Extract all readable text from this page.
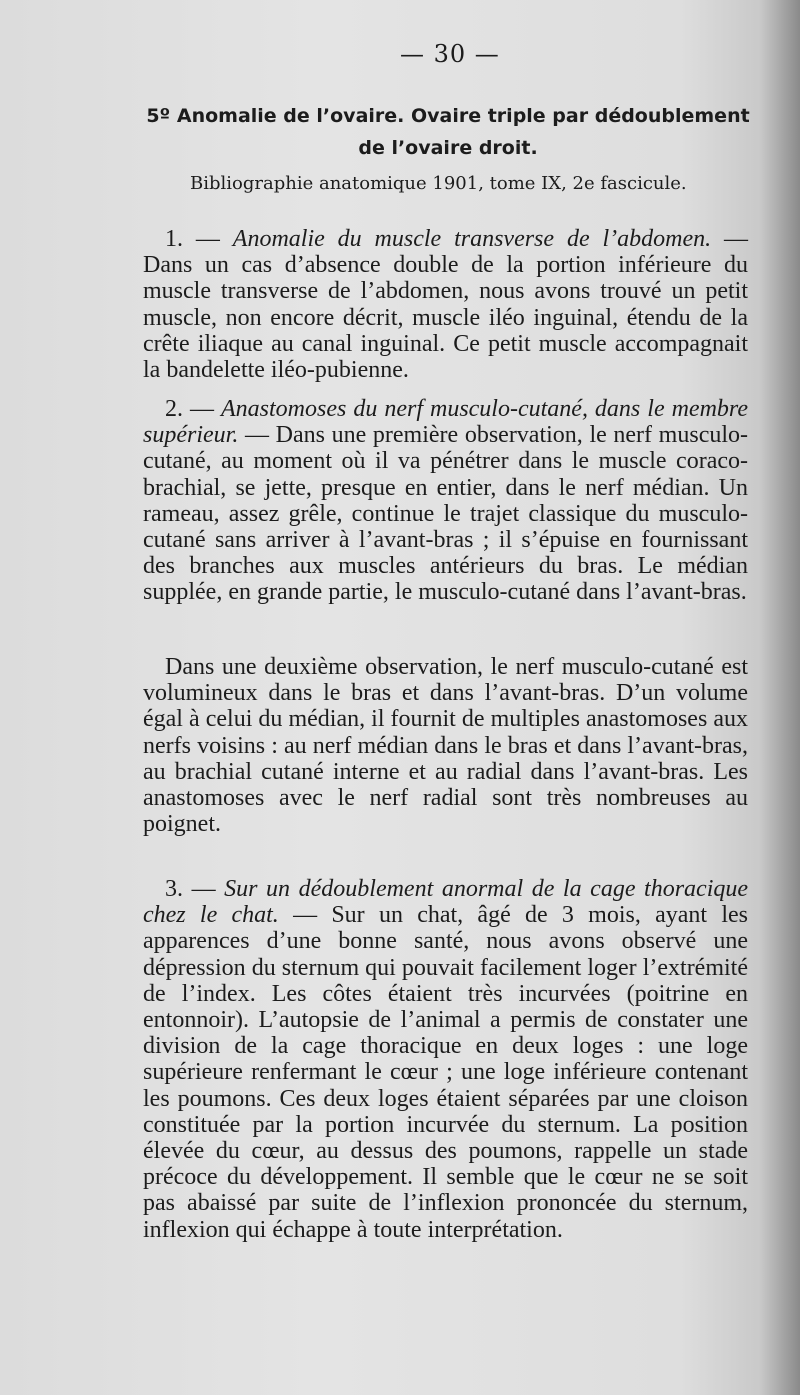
— 30 —
5º Anomalie de l’ovaire. Ovaire triple par dédoublement de l’ovaire droit.
Bibliographie anatomique 1901, tome IX, 2e fascicule.
1. — Anomalie du muscle transverse de l’abdomen. — Dans un cas d’absence double de la portion inférieure du muscle transverse de l’abdomen, nous avons trouvé un petit muscle, non encore décrit, muscle iléo inguinal, étendu de la crête iliaque au canal inguinal. Ce petit muscle accompagnait la bandelette iléo-pubienne.
2. — Anastomoses du nerf musculo-cutané, dans le membre supérieur. — Dans une première observation, le nerf musculo-cutané, au moment où il va pénétrer dans le muscle coraco-brachial, se jette, presque en entier, dans le nerf médian. Un rameau, assez grêle, continue le trajet classique du musculo-cutané sans arriver à l’avant-bras ; il s’épuise en fournissant des branches aux muscles antérieurs du bras. Le médian supplée, en grande partie, le musculo-cutané dans l’avant-bras.
Dans une deuxième observation, le nerf musculo-cutané est volumineux dans le bras et dans l’avant-bras. D’un volume égal à celui du médian, il fournit de multiples anastomoses aux nerfs voisins : au nerf médian dans le bras et dans l’avant-bras, au brachial cutané interne et au radial dans l’avant-bras. Les anastomoses avec le nerf radial sont très nombreuses au poignet.
3. — Sur un dédoublement anormal de la cage thoracique chez le chat. — Sur un chat, âgé de 3 mois, ayant les apparences d’une bonne santé, nous avons observé une dépression du sternum qui pouvait facilement loger l’extrémité de l’index. Les côtes étaient très incurvées (poitrine en entonnoir). L’autopsie de l’animal a permis de constater une division de la cage thoracique en deux loges : une loge supérieure renfermant le cœur ; une loge inférieure contenant les poumons. Ces deux loges étaient séparées par une cloison constituée par la portion incurvée du sternum. La position élevée du cœur, au dessus des poumons, rappelle un stade précoce du développement. Il semble que le cœur ne se soit pas abaissé par suite de l’inflexion prononcée du sternum, inflexion qui échappe à toute interprétation.
